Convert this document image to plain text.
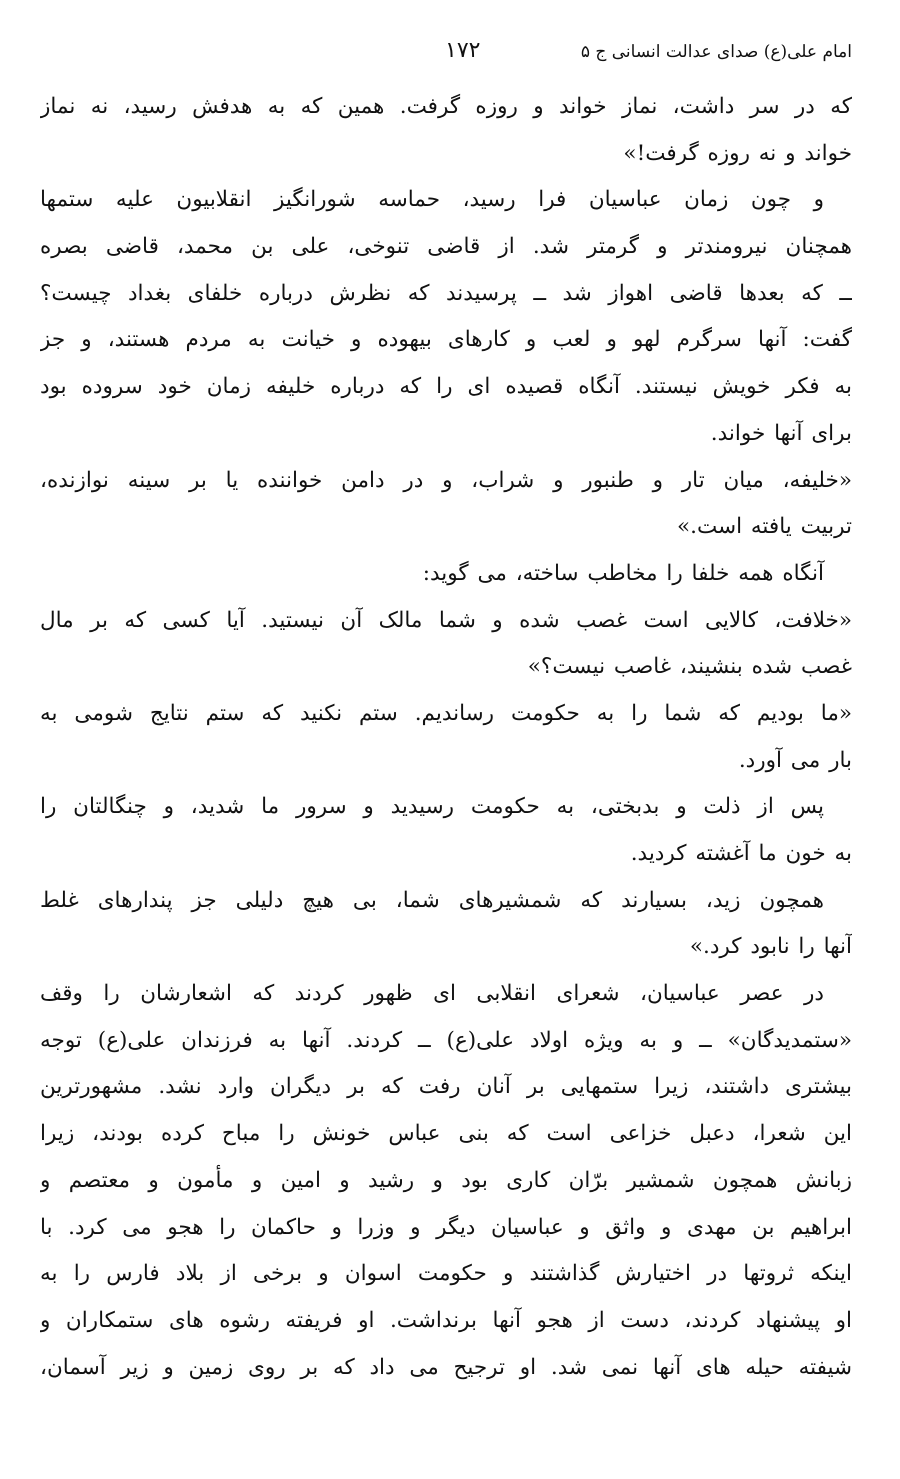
امام علی(ع) صدای عدالت انسانی ج ۵
۱۷۲
که در سر داشت، نماز خواند و روزه گرفت. همین که به هدفش رسید، نه نماز
خواند و نه روزه گرفت!»
و چون زمان عباسیان فرا رسید، حماسه شورانگیز انقلابیون علیه ستمها
همچنان نیرومندتر و گرمتر شد. از قاضی تنوخی، علی بن محمد، قاضی بصره
ــ که بعدها قاضی اهواز شد ــ پرسیدند که نظرش درباره خلفای بغداد چیست؟
گفت: آنها سرگرم لهو و لعب و کارهای بیهوده و خیانت به مردم هستند، و جز
به فکر خویش نیستند. آنگاه قصیده ای را که درباره خلیفه زمان خود سروده بود
برای آنها خواند.
«خلیفه، میان تار و طنبور و شراب، و در دامن خواننده یا بر سینه نوازنده،
تربیت یافته است.»
آنگاه همه خلفا را مخاطب ساخته، می گوید:
«خلافت، کالایی است غصب شده و شما مالک آن نیستید. آیا کسی که بر مال
غصب شده بنشیند، غاصب نیست؟»
«ما بودیم که شما را به حکومت رساندیم. ستم نکنید که ستم نتایج شومی به
بار می آورد.
پس از ذلت و بدبختی، به حکومت رسیدید و سرور ما شدید، و چنگالتان را
به خون ما آغشته کردید.
همچون زید، بسیارند که شمشیرهای شما، بی هیچ دلیلی جز پندارهای غلط
آنها را نابود کرد.»
در عصر عباسیان، شعرای انقلابی ای ظهور کردند که اشعارشان را وقف
«ستمدیدگان» ــ و به ویژه اولاد علی(ع) ــ کردند. آنها به فرزندان علی(ع) توجه
بیشتری داشتند، زیرا ستمهایی بر آنان رفت که بر دیگران وارد نشد. مشهورترین
این شعرا، دعبل خزاعی است که بنی عباس خونش را مباح کرده بودند، زیرا
زبانش همچون شمشیر برّان کاری بود و رشید و امین و مأمون و معتصم و
ابراهیم بن مهدی و واثق و عباسیان دیگر و وزرا و حاکمان را هجو می کرد. با
اینکه ثروتها در اختیارش گذاشتند و حکومت اسوان و برخی از بلاد فارس را به
او پیشنهاد کردند، دست از هجو آنها برنداشت. او فریفته رشوه های ستمکاران و
شیفته حیله های آنها نمی شد. او ترجیح می داد که بر روی زمین و زیر آسمان،
